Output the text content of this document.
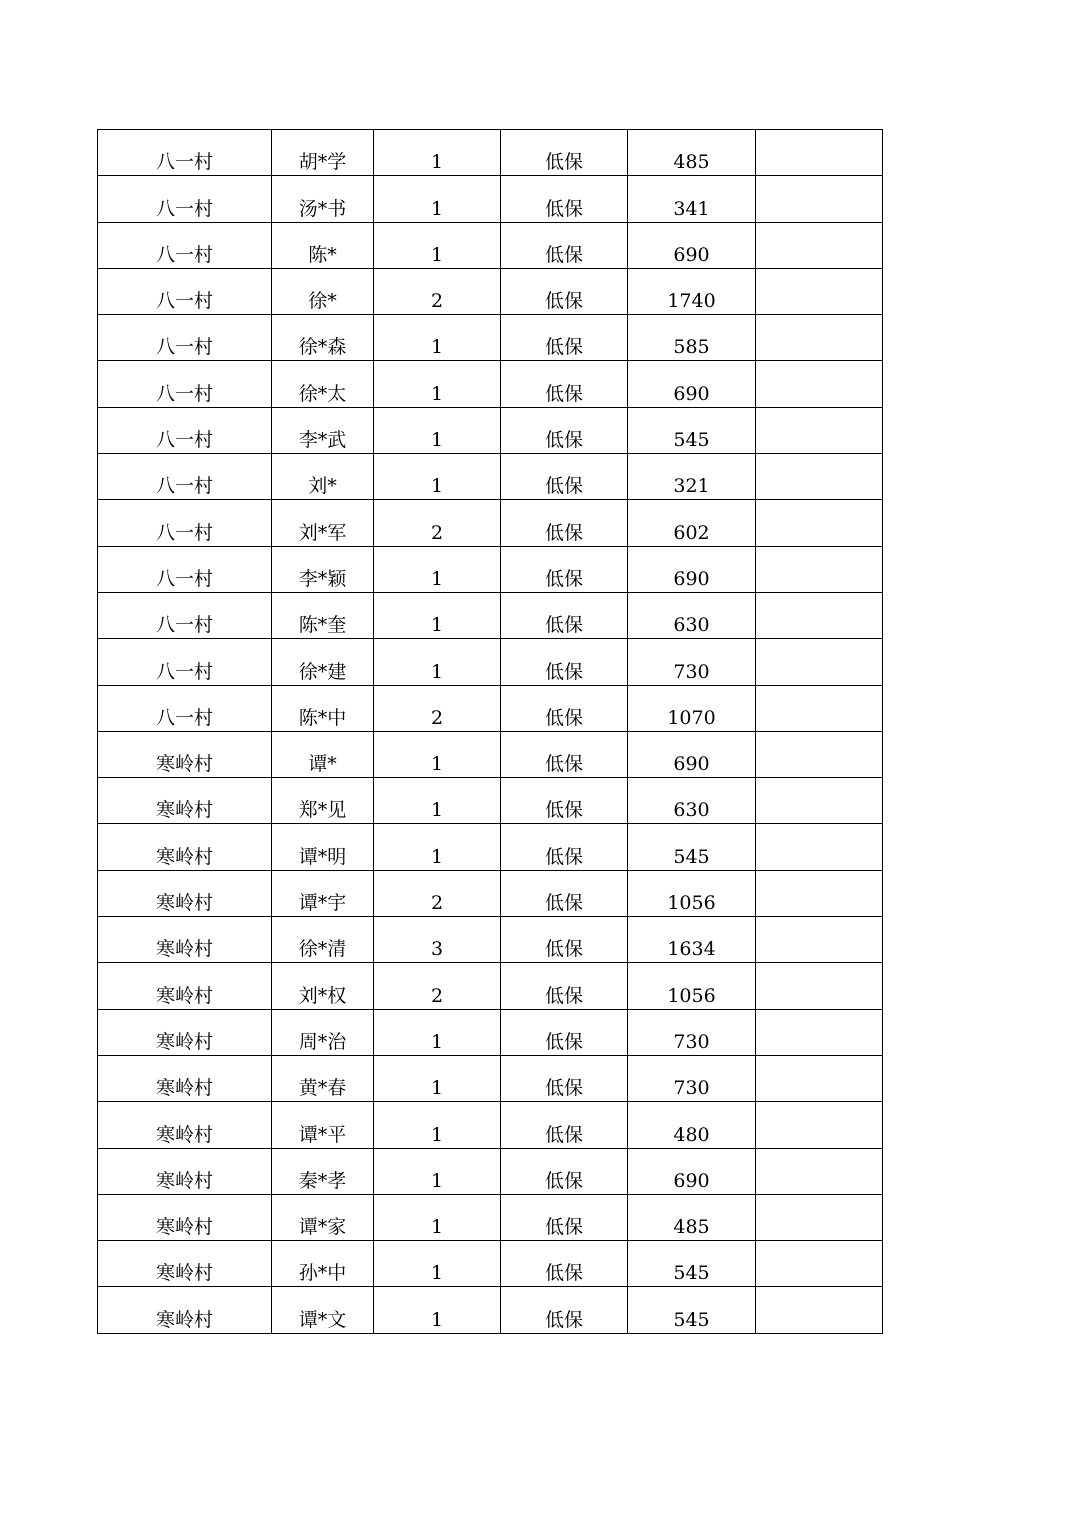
八一村	胡*学	1	低保	485	
八一村	汤*书	1	低保	341	
八一村	陈*	1	低保	690	
八一村	徐*	2	低保	1740	
八一村	徐*森	1	低保	585	
八一村	徐*太	1	低保	690	
八一村	李*武	1	低保	545	
八一村	刘*	1	低保	321	
八一村	刘*军	2	低保	602	
八一村	李*颖	1	低保	690	
八一村	陈*奎	1	低保	630	
八一村	徐*建	1	低保	730	
八一村	陈*中	2	低保	1070	
寒岭村	谭*	1	低保	690	
寒岭村	郑*见	1	低保	630	
寒岭村	谭*明	1	低保	545	
寒岭村	谭*宇	2	低保	1056	
寒岭村	徐*清	3	低保	1634	
寒岭村	刘*权	2	低保	1056	
寒岭村	周*治	1	低保	730	
寒岭村	黄*春	1	低保	730	
寒岭村	谭*平	1	低保	480	
寒岭村	秦*孝	1	低保	690	
寒岭村	谭*家	1	低保	485	
寒岭村	孙*中	1	低保	545	
寒岭村	谭*文	1	低保	545	
